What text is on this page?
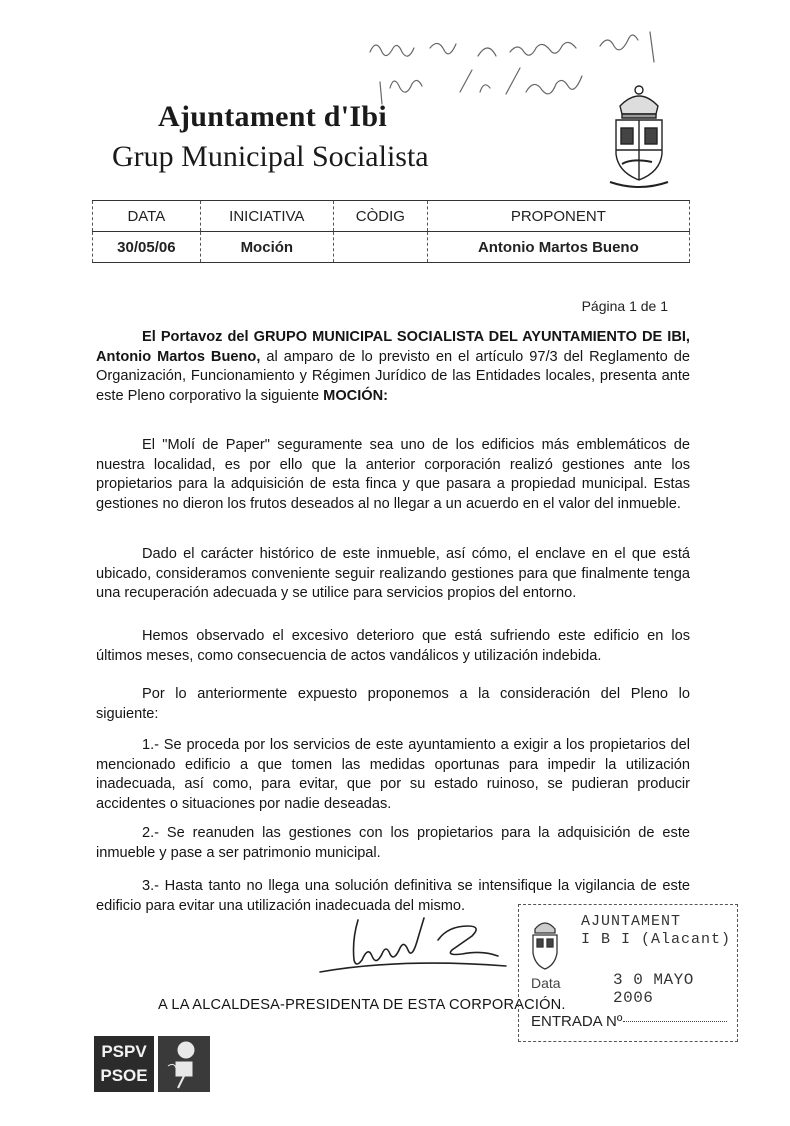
Ajuntament d'Ibi
Grup Municipal Socialista
DATA	INICIATIVA	CÒDIG	PROPONENT
30/05/06	Moción		Antonio Martos Bueno
Página 1 de 1
El Portavoz del GRUPO MUNICIPAL SOCIALISTA DEL AYUNTAMIENTO DE IBI, Antonio Martos Bueno, al amparo de lo previsto en el artículo 97/3 del Reglamento de Organización, Funcionamiento y Régimen Jurídico de las Entidades locales, presenta ante este Pleno corporativo la siguiente MOCIÓN:
El "Molí de Paper" seguramente sea uno de los edificios más emblemáticos de nuestra localidad, es por ello que la anterior corporación realizó gestiones ante los propietarios para la adquisición de esta finca y que pasara a propiedad municipal. Estas gestiones no dieron los frutos deseados al no llegar a un acuerdo en el valor del inmueble.
Dado el carácter histórico de este inmueble, así cómo, el enclave en el que está ubicado, consideramos conveniente seguir realizando gestiones para que finalmente tenga una recuperación adecuada y se utilice para servicios propios del entorno.
Hemos observado el excesivo deterioro que está sufriendo este edificio en los últimos meses, como consecuencia de actos vandálicos y utilización indebida.
Por lo anteriormente expuesto proponemos a la consideración del Pleno lo siguiente:
1.- Se proceda por los servicios de este ayuntamiento a exigir a los propietarios del mencionado edificio a que tomen las medidas oportunas para impedir la utilización inadecuada, así como, para evitar, que por su estado ruinoso, se pudieran producir accidentes o situaciones por nadie deseadas.
2.- Se reanuden las gestiones con los propietarios para la adquisición de este inmueble y pase a ser patrimonio municipal.
3.- Hasta tanto no llega una solución definitiva se intensifique la vigilancia de este edificio para evitar una utilización inadecuada del mismo.
A LA ALCALDESA-PRESIDENTA DE ESTA CORPORACIÓN.
AJUNTAMENT
I B I (Alacant)
Data	3 0 MAYO 2006
ENTRADA Nº
PSPV
PSOE
